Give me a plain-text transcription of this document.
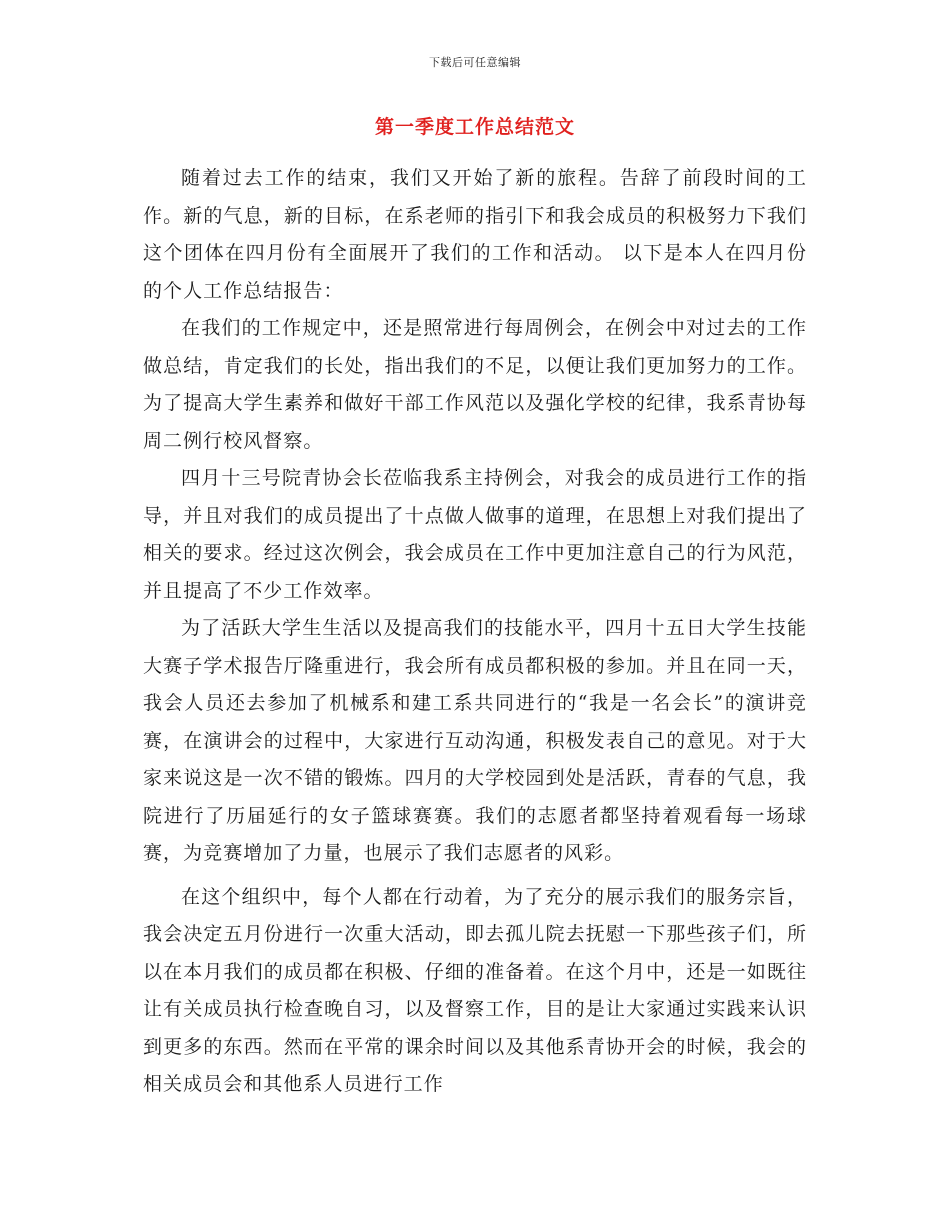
下载后可任意编辑
第一季度工作总结范文

随着过去工作的结束，我们又开始了新的旅程。告辞了前段时间的工作。新的气息，新的目标，在系老师的指引下和我会成员的积极努力下我们这个团体在四月份有全面展开了我们的工作和活动。 以下是本人在四月份的个人工作总结报告：

在我们的工作规定中，还是照常进行每周例会，在例会中对过去的工作做总结，肯定我们的长处，指出我们的不足，以便让我们更加努力的工作。为了提高大学生素养和做好干部工作风范以及强化学校的纪律，我系青协每周二例行校风督察。

四月十三号院青协会长莅临我系主持例会，对我会的成员进行工作的指导，并且对我们的成员提出了十点做人做事的道理，在思想上对我们提出了相关的要求。经过这次例会，我会成员在工作中更加注意自己的行为风范，并且提高了不少工作效率。

为了活跃大学生生活以及提高我们的技能水平，四月十五日大学生技能大赛子学术报告厅隆重进行，我会所有成员都积极的参加。并且在同一天，我会人员还去参加了机械系和建工系共同进行的“我是一名会长”的演讲竞赛，在演讲会的过程中，大家进行互动沟通，积极发表自己的意见。对于大家来说这是一次不错的锻炼。四月的大学校园到处是活跃，青春的气息，我院进行了历届延行的女子篮球赛赛。我们的志愿者都坚持着观看每一场球赛，为竞赛增加了力量，也展示了我们志愿者的风彩。

在这个组织中，每个人都在行动着，为了充分的展示我们的服务宗旨，我会决定五月份进行一次重大活动，即去孤儿院去抚慰一下那些孩子们，所以在本月我们的成员都在积极、仔细的准备着。在这个月中，还是一如既往让有关成员执行检查晚自习，以及督察工作，目的是让大家通过实践来认识到更多的东西。然而在平常的课余时间以及其他系青协开会的时候，我会的相关成员会和其他系人员进行工作
